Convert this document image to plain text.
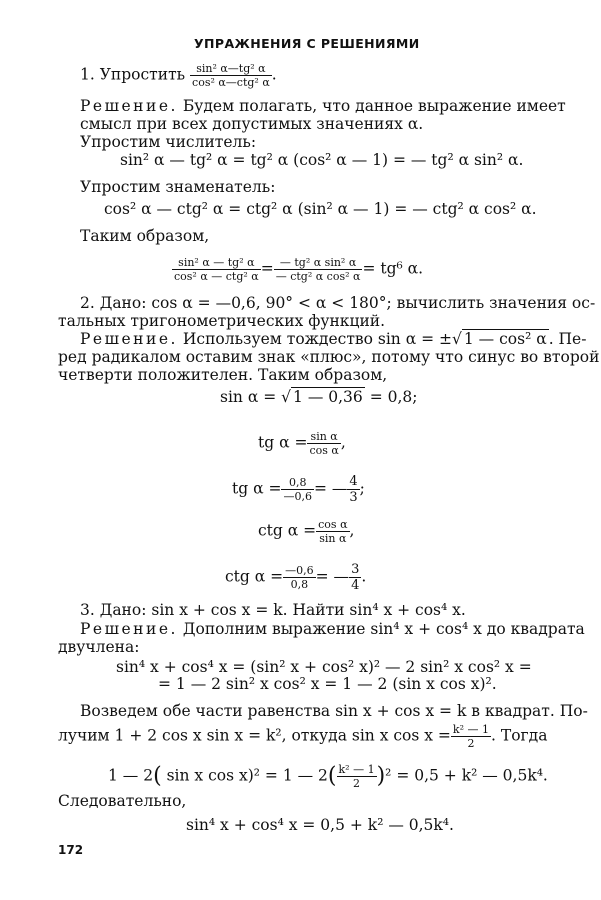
УПРАЖНЕНИЯ С РЕШЕНИЯМИ
1. Упростить $\frac{\text{sin² α—tg² α}}{\text{cos² α—ctg² α}}$ .
Решение. Будем полагать, что данное выражение имеет
смысл при всех допустимых значениях α.
Упростим числитель:
sin² α — tg² α = tg² α (cos² α — 1) = — tg² α sin² α.
Упростим знаменатель:
cos² α — ctg² α = ctg² α (sin² α — 1) = — ctg² α cos² α.
Таким образом,
$\frac{\text{sin² α — tg² α}}{\text{cos² α — ctg² α}} = \frac{\text{— tg² α sin² α}}{\text{— ctg² α cos² α}} = tg^6$ α.
2. Дано: cos α = —0,6, 90° < α < 180°; вычислить значения ос-
тальных тригонометрических функций.
Решение. Используем тождество sin α = ±√ 1 — cos² α . Пе-
ред радикалом оставим знак «плюс», потому что синус во второй
четверти положителен. Таким образом,
sin α = √ 1 — 0,36 = 0,8;
tg $\alpha = \frac{\text{sin α}}{\text{cos α}}$ ,
tg $\alpha = \frac{0,8}{—0,6}$ = — $\frac{4}{3}$ ;
ctg $\alpha = \frac{\text{cos α}}{\text{sin α}}$ ,
ctg $\alpha = \frac{—0,6}{0,8}$ = — $\frac{3}{4}$ .
3. Дано: sin x + cos x = k. Найти sin⁴ x + cos⁴ x.
Решение. Дополним выражение sin⁴ x + cos⁴ x до квадрата
двучлена:
sin⁴ x + cos⁴ x = (sin² x + cos² x)² — 2 sin² x cos² x =
= 1 — 2 sin² x cos² x = 1 — 2 (sin x cos x)².
Возведем обе части равенства sin x + cos x = k в квадрат. По-
лучим 1 + 2 cos x sin x = k², откуда sin x $\cos x = \frac{\text{k² — 1}}{2}$ . Тогда
1 — 2( sin x cos x)² = 1 — $2( \frac{\text{k² — 1}}{2} )^2 = 0,5 + k^2$ — 0,5k⁴.
Следовательно,
sin⁴ x + cos⁴ x = 0,5 + k² — 0,5k⁴.
172
